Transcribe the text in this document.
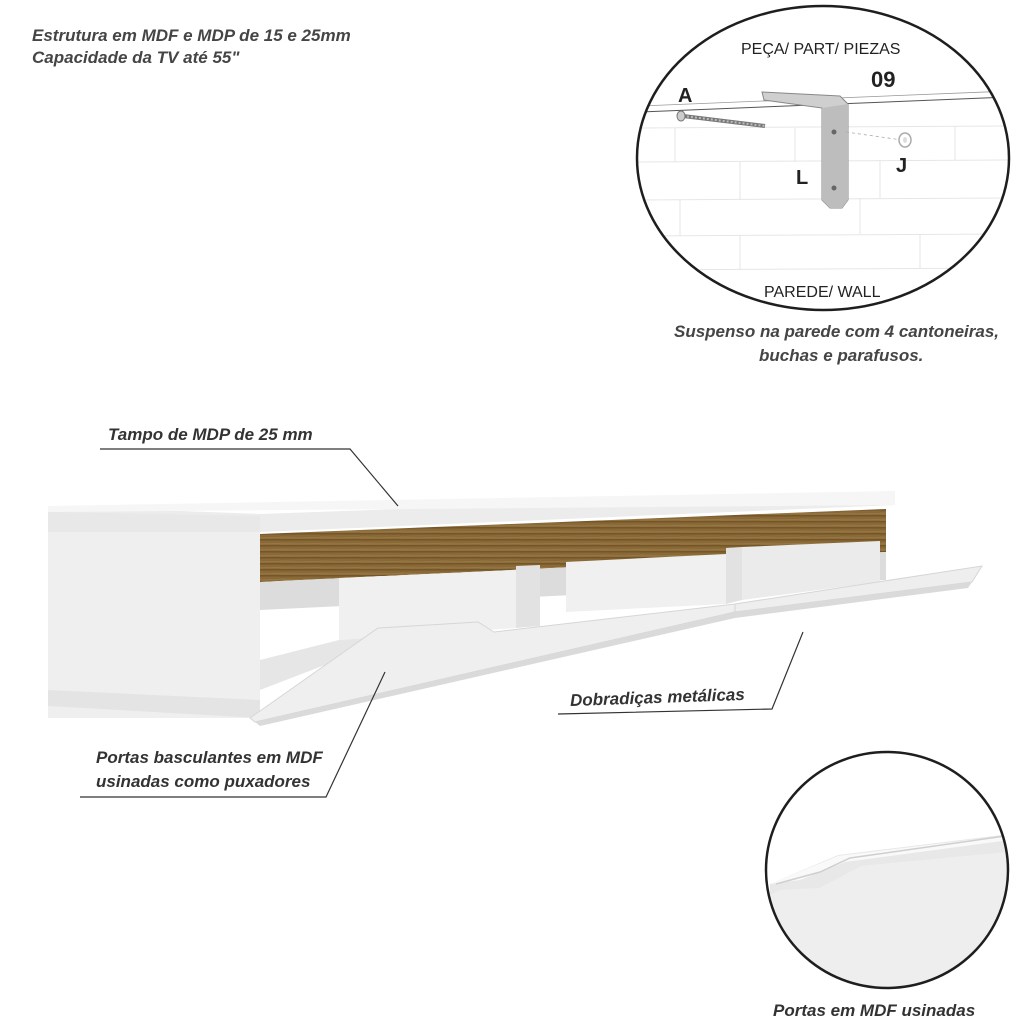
Estrutura em MDF e MDP de 15 e 25mm
Capacidade da TV até 55"	PEÇA/ PART/ PIEZAS
09
A
L
J
PAREDE/ WALL
Suspenso na parede com 4 cantoneiras,
buchas e parafusos.
Tampo de MDP de 25 mm
Dobradiças metálicas
Portas basculantes em MDF
usinadas como puxadores
Portas em MDF usinadas
